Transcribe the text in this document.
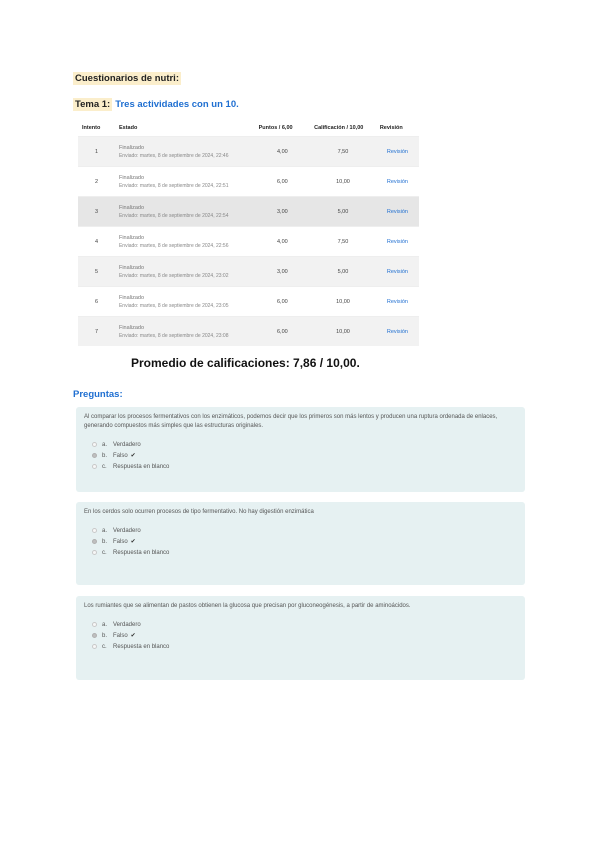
Cuestionarios de nutri:
Tema 1: Tres actividades con un 10.
Intento	Estado	Puntos / 6,00	Calificación / 10,00	Revisión
1	Finalizado
Enviado: martes, 8 de septiembre de 2024, 22:46	4,00	7,50	Revisión
2	Finalizado
Enviado: martes, 8 de septiembre de 2024, 22:51	6,00	10,00	Revisión
3	Finalizado
Enviado: martes, 8 de septiembre de 2024, 22:54	3,00	5,00	Revisión
4	Finalizado
Enviado: martes, 8 de septiembre de 2024, 22:56	4,00	7,50	Revisión
5	Finalizado
Enviado: martes, 8 de septiembre de 2024, 23:02	3,00	5,00	Revisión
6	Finalizado
Enviado: martes, 8 de septiembre de 2024, 23:05	6,00	10,00	Revisión
7	Finalizado
Enviado: martes, 8 de septiembre de 2024, 23:08	6,00	10,00	Revisión
Promedio de calificaciones: 7,86 / 10,00.
Preguntas:
Al comparar los procesos fermentativos con los enzimáticos, podemos decir que los primeros son más lentos y producen una ruptura ordenada de enlaces, generando compuestos más simples que las estructuras originales.
a. Verdadero
b. Falso ✔
c.	Respuesta en blanco
En los cerdos solo ocurren procesos de tipo fermentativo. No hay digestión enzimática
a. Verdadero
b. Falso ✔
c.	Respuesta en blanco
Los rumiantes que se alimentan de pastos obtienen la glucosa que precisan por gluconeogénesis, a partir de aminoácidos.
a. Verdadero
b. Falso ✔
c.	Respuesta en blanco
